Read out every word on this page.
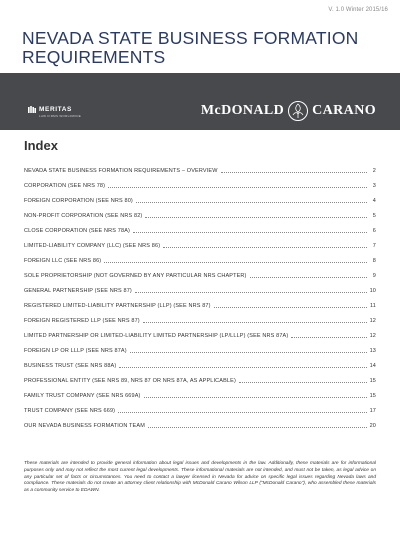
V. 1.0 Winter 2015/16
NEVADA STATE BUSINESS FORMATION REQUIREMENTS
MERITAS
LAW FIRMS WORLDWIDE	McDONALD CARANO
Index
NEVADA STATE BUSINESS FORMATION REQUIREMENTS – OVERVIEW	2
CORPORATION (SEE NRS 78)	3
FOREIGN CORPORATION (SEE NRS 80)	4
NON-PROFIT CORPORATION (SEE NRS 82)	5
CLOSE CORPORATION (SEE NRS 78A)	6
LIMITED-LIABILITY COMPANY (LLC) (SEE NRS 86)	7
FOREIGN LLC (SEE NRS 86)	8
SOLE PROPRIETORSHIP (NOT GOVERNED BY ANY PARTICULAR NRS CHAPTER)	9
GENERAL PARTNERSHIP (SEE NRS 87)	10
REGISTERED LIMITED-LIABILITY PARTNERSHIP (LLP) (SEE NRS 87)	11
FOREIGN REGISTERED LLP (SEE NRS 87)	12
LIMITED PARTNERSHIP OR LIMITED-LIABILITY LIMITED PARTNERSHIP (LP/LLLP) (SEE NRS 87A)	12
FOREIGN LP OR LLLP (SEE NRS 87A)	13
BUSINESS TRUST (SEE NRS 88A)	14
PROFESSIONAL ENTITY (SEE NRS 89, NRS 87 OR NRS 87A, AS APPLICABLE)	15
FAMILY TRUST COMPANY (SEE NRS 669A)	15
TRUST COMPANY (SEE NRS 669)	17
OUR NEVADA BUSINESS FORMATION TEAM	20

These materials are intended to provide general information about legal issues and developments in the law. Additionally, these materials are for informational purposes only and may not reflect the most current legal developments. These informational materials are not intended, and must not be taken, as legal advice on any particular set of facts or circumstances. You need to contact a lawyer licensed in Nevada for advice on specific legal issues regarding Nevada laws and compliance. These materials do not create an attorney client relationship with McDonald Carano Wilson LLP ("McDonald Carano"), who assembled these materials as a community service to EDAWN.
